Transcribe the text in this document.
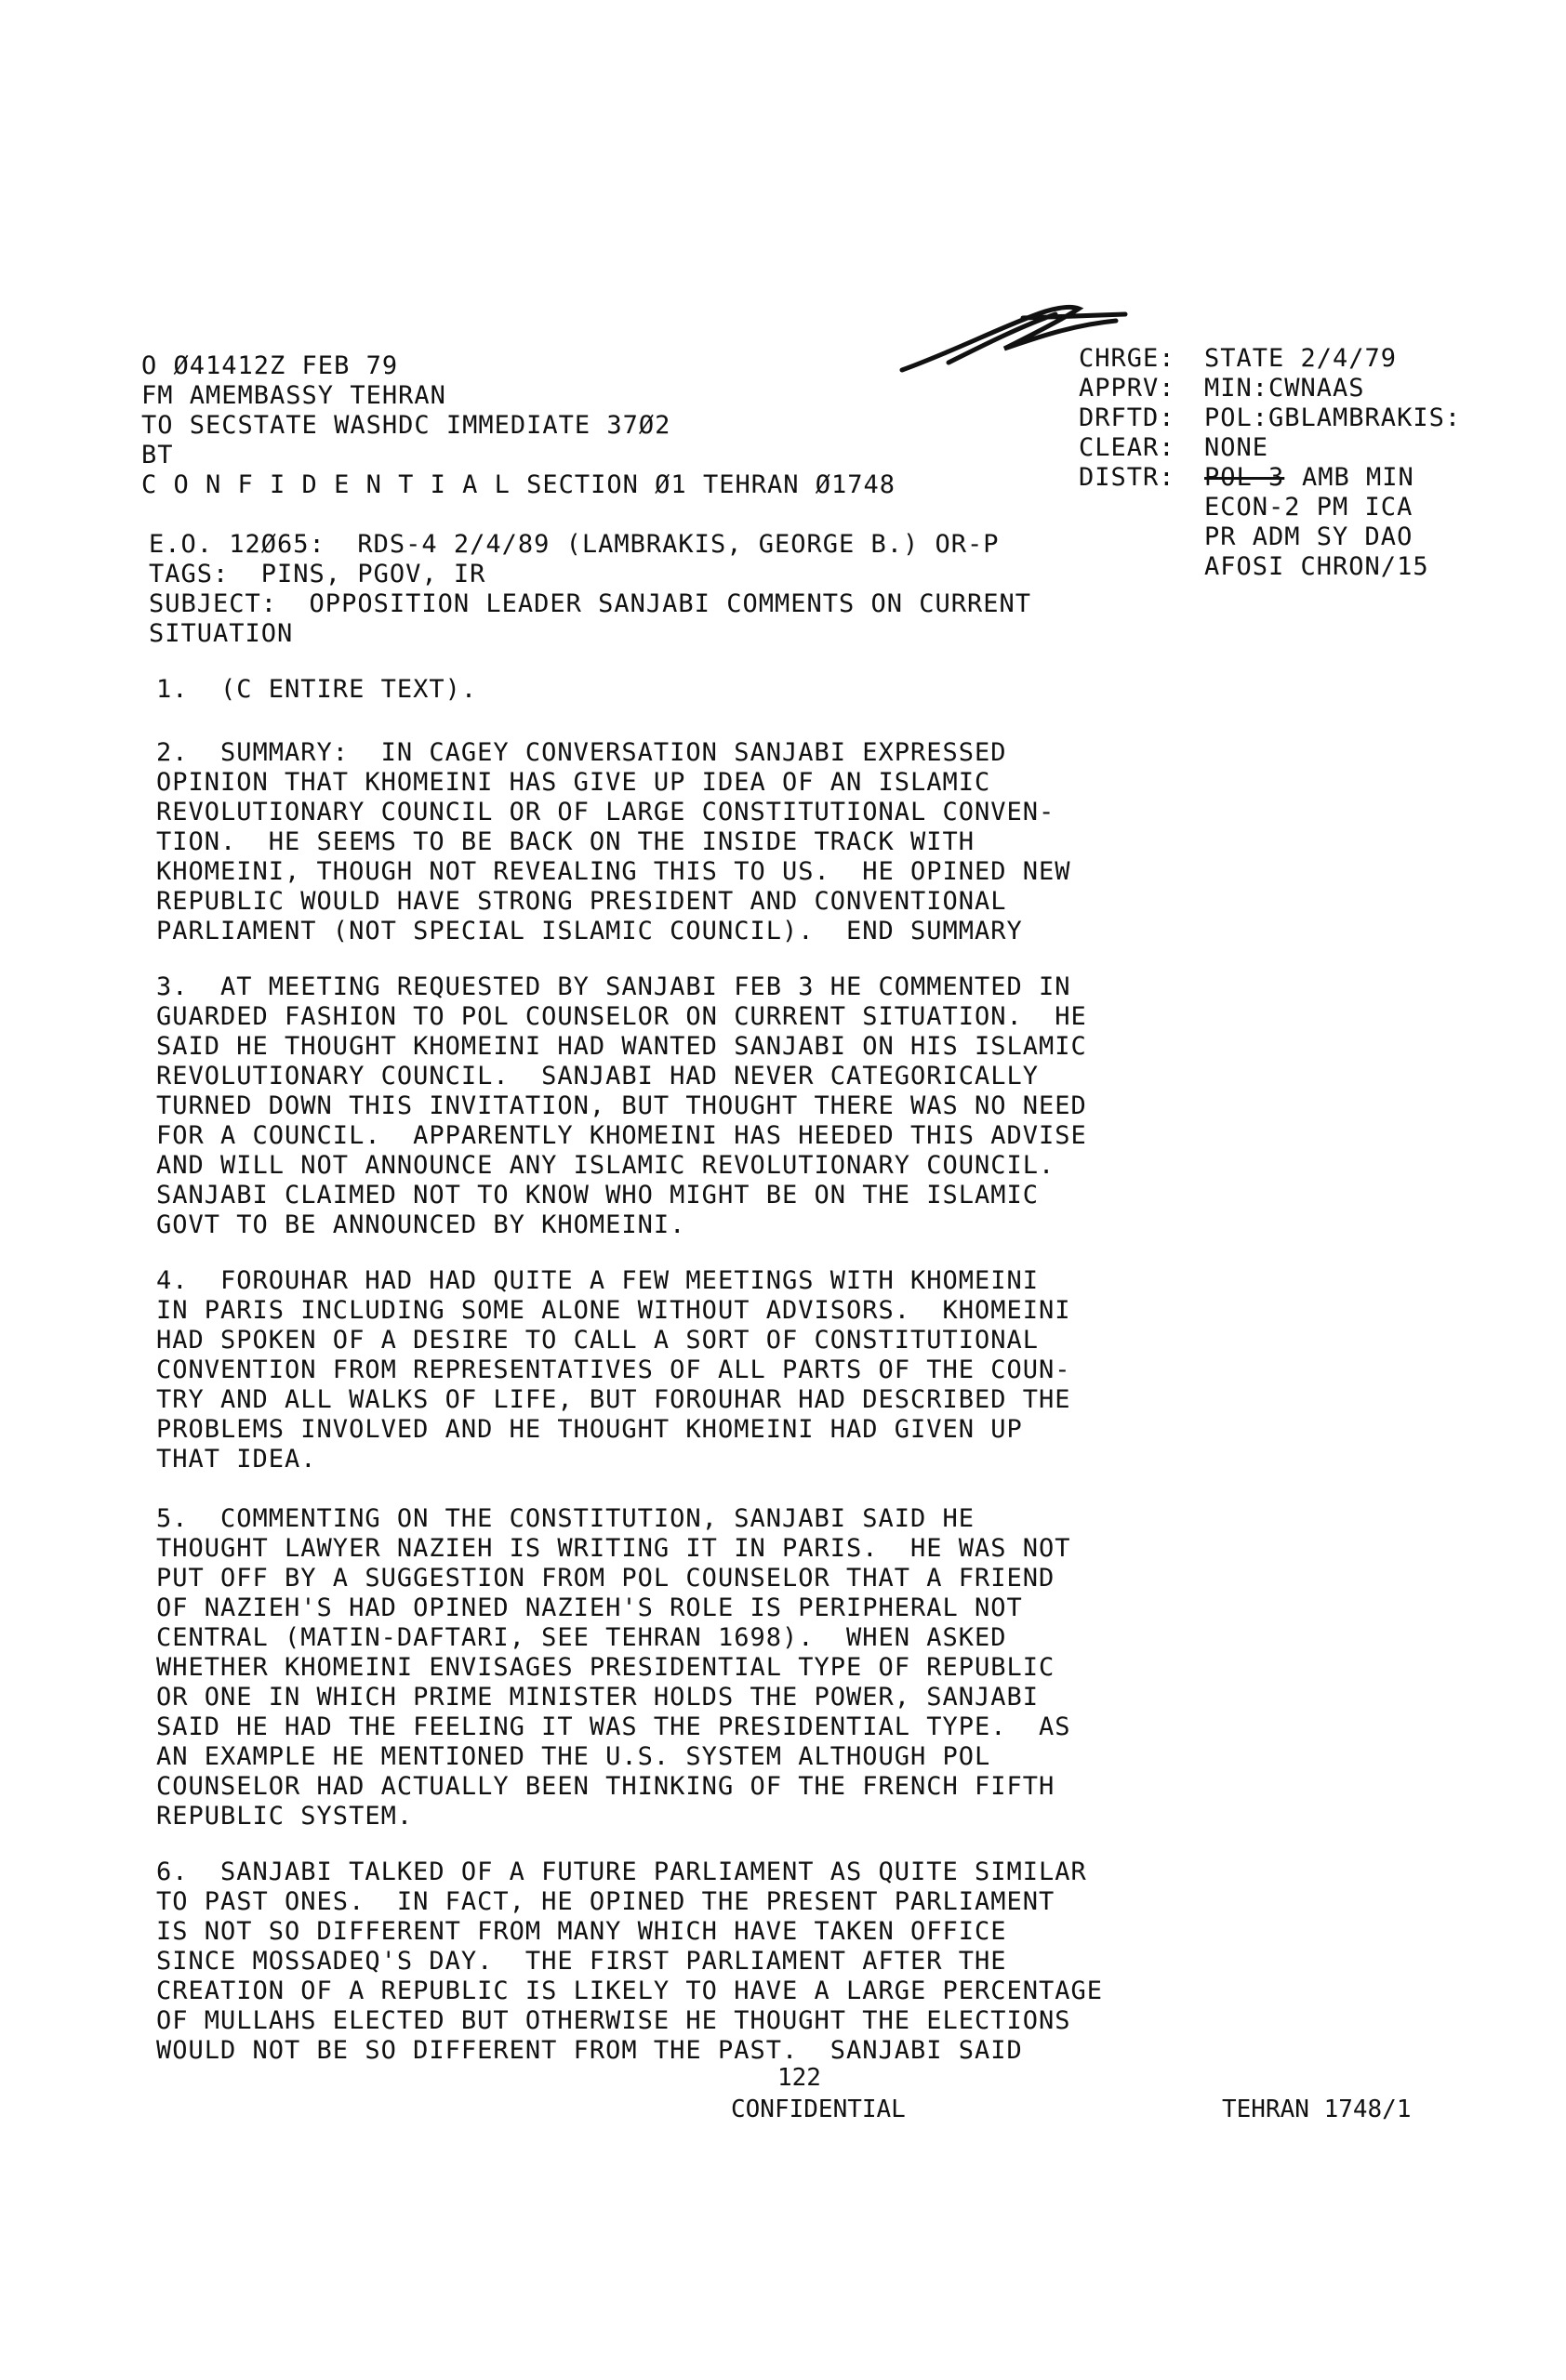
O Ø41412Z FEB 79
FM AMEMBASSY TEHRAN
TO SECSTATE WASHDC IMMEDIATE 37Ø2
BT
C O N F I D E N T I A L SECTION Ø1 TEHRAN Ø1748
CHRGE: STATE 2/4/79
APPRV: MIN:CWNAAS
DRFTD: POL:GBLAMBRAKIS:
CLEAR: NONE
DISTR: POL 3 AMB MIN
ECON-2 PM ICA
PR ADM SY DAO
AFOSI CHRON/15
E.O. 12Ø65:  RDS-4 2/4/89 (LAMBRAKIS, GEORGE B.) OR-P
TAGS:  PINS, PGOV, IR
SUBJECT:  OPPOSITION LEADER SANJABI COMMENTS ON CURRENT
SITUATION
1.  (C ENTIRE TEXT).
2.  SUMMARY:  IN CAGEY CONVERSATION SANJABI EXPRESSED
OPINION THAT KHOMEINI HAS GIVE UP IDEA OF AN ISLAMIC
REVOLUTIONARY COUNCIL OR OF LARGE CONSTITUTIONAL CONVEN-
TION.  HE SEEMS TO BE BACK ON THE INSIDE TRACK WITH
KHOMEINI, THOUGH NOT REVEALING THIS TO US.  HE OPINED NEW
REPUBLIC WOULD HAVE STRONG PRESIDENT AND CONVENTIONAL
PARLIAMENT (NOT SPECIAL ISLAMIC COUNCIL).  END SUMMARY
3.  AT MEETING REQUESTED BY SANJABI FEB 3 HE COMMENTED IN
GUARDED FASHION TO POL COUNSELOR ON CURRENT SITUATION.  HE
SAID HE THOUGHT KHOMEINI HAD WANTED SANJABI ON HIS ISLAMIC
REVOLUTIONARY COUNCIL.  SANJABI HAD NEVER CATEGORICALLY
TURNED DOWN THIS INVITATION, BUT THOUGHT THERE WAS NO NEED
FOR A COUNCIL.  APPARENTLY KHOMEINI HAS HEEDED THIS ADVISE
AND WILL NOT ANNOUNCE ANY ISLAMIC REVOLUTIONARY COUNCIL.
SANJABI CLAIMED NOT TO KNOW WHO MIGHT BE ON THE ISLAMIC
GOVT TO BE ANNOUNCED BY KHOMEINI.
4.  FOROUHAR HAD HAD QUITE A FEW MEETINGS WITH KHOMEINI
IN PARIS INCLUDING SOME ALONE WITHOUT ADVISORS.  KHOMEINI
HAD SPOKEN OF A DESIRE TO CALL A SORT OF CONSTITUTIONAL
CONVENTION FROM REPRESENTATIVES OF ALL PARTS OF THE COUN-
TRY AND ALL WALKS OF LIFE, BUT FOROUHAR HAD DESCRIBED THE
PROBLEMS INVOLVED AND HE THOUGHT KHOMEINI HAD GIVEN UP
THAT IDEA.
5.  COMMENTING ON THE CONSTITUTION, SANJABI SAID HE
THOUGHT LAWYER NAZIEH IS WRITING IT IN PARIS.  HE WAS NOT
PUT OFF BY A SUGGESTION FROM POL COUNSELOR THAT A FRIEND
OF NAZIEH'S HAD OPINED NAZIEH'S ROLE IS PERIPHERAL NOT
CENTRAL (MATIN-DAFTARI, SEE TEHRAN 1698).  WHEN ASKED
WHETHER KHOMEINI ENVISAGES PRESIDENTIAL TYPE OF REPUBLIC
OR ONE IN WHICH PRIME MINISTER HOLDS THE POWER, SANJABI
SAID HE HAD THE FEELING IT WAS THE PRESIDENTIAL TYPE.  AS
AN EXAMPLE HE MENTIONED THE U.S. SYSTEM ALTHOUGH POL
COUNSELOR HAD ACTUALLY BEEN THINKING OF THE FRENCH FIFTH
REPUBLIC SYSTEM.
6.  SANJABI TALKED OF A FUTURE PARLIAMENT AS QUITE SIMILAR
TO PAST ONES.  IN FACT, HE OPINED THE PRESENT PARLIAMENT
IS NOT SO DIFFERENT FROM MANY WHICH HAVE TAKEN OFFICE
SINCE MOSSADEQ'S DAY.  THE FIRST PARLIAMENT AFTER THE
CREATION OF A REPUBLIC IS LIKELY TO HAVE A LARGE PERCENTAGE
OF MULLAHS ELECTED BUT OTHERWISE HE THOUGHT THE ELECTIONS
WOULD NOT BE SO DIFFERENT FROM THE PAST.  SANJABI SAID
122
CONFIDENTIAL	TEHRAN 1748/1
